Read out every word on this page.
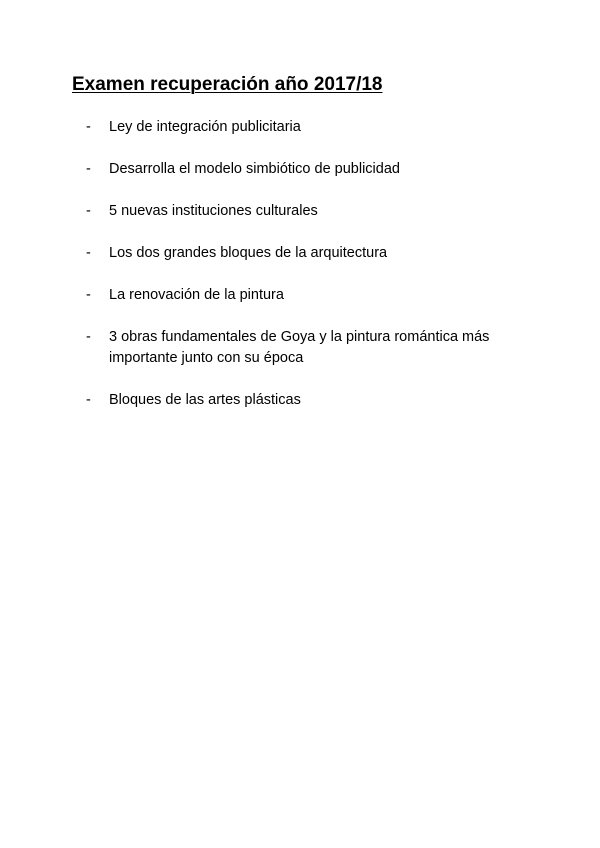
Examen recuperación año 2017/18
- Ley de integración publicitaria
- Desarrolla el modelo simbiótico de publicidad
- 5 nuevas instituciones culturales
- Los dos grandes bloques de la arquitectura
- La renovación de la pintura
- 3 obras fundamentales de Goya y la pintura romántica más importante junto con su época
- Bloques de las artes plásticas
